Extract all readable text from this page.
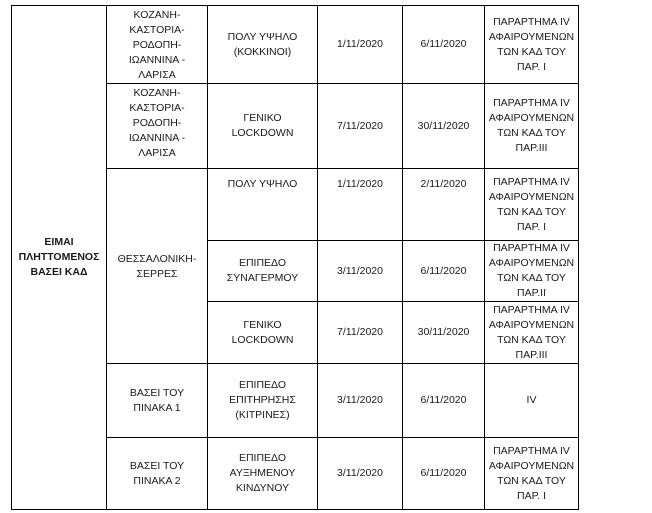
ΕΙΜΑΙ
ΠΛΗΤΤΟΜΕΝΟΣ
ΒΑΣΕΙ ΚΑΔ	ΚΟΖΑΝΗ-
ΚΑΣΤΟΡΙΑ-
ΡΟΔΟΠΗ-
ΙΩΑΝΝΙΝΑ -
ΛΑΡΙΣΑ	ΠΟΛΥ ΥΨΗΛΟ
(ΚΟΚΚΙΝΟΙ)	1/11/2020	6/11/2020	ΠΑΡΑΡΤΗΜΑ IV
ΑΦΑΙΡΟΥΜΕΝΩΝ
ΤΩΝ ΚΑΔ ΤΟΥ
ΠΑΡ. Ι

	ΚΟΖΑΝΗ-
ΚΑΣΤΟΡΙΑ-
ΡΟΔΟΠΗ-
ΙΩΑΝΝΙΝΑ -
ΛΑΡΙΣΑ	ΓΕΝΙΚΟ
LOCKDOWN	7/11/2020	30/11/2020	ΠΑΡΑΡΤΗΜΑ IV
ΑΦΑΙΡΟΥΜΕΝΩΝ
ΤΩΝ ΚΑΔ ΤΟΥ
ΠΑΡ.ΙΙΙ

	ΘΕΣΣΑΛΟΝΙΚΗ-
ΣΕΡΡΕΣ	ΠΟΛΥ ΥΨΗΛΟ	1/11/2020	2/11/2020	ΠΑΡΑΡΤΗΜΑ IV
ΑΦΑΙΡΟΥΜΕΝΩΝ
ΤΩΝ ΚΑΔ ΤΟΥ
ΠΑΡ. Ι

		ΕΠΙΠΕΔΟ
ΣΥΝΑΓΕΡΜΟΥ	3/11/2020	6/11/2020	ΠΑΡΑΡΤΗΜΑ IV
ΑΦΑΙΡΟΥΜΕΝΩΝ
ΤΩΝ ΚΑΔ ΤΟΥ
ΠΑΡ.ΙΙ

		ΓΕΝΙΚΟ
LOCKDOWN	7/11/2020	30/11/2020	ΠΑΡΑΡΤΗΜΑ IV
ΑΦΑΙΡΟΥΜΕΝΩΝ
ΤΩΝ ΚΑΔ ΤΟΥ
ΠΑΡ.ΙΙΙ

	ΒΑΣΕΙ ΤΟΥ
ΠΙΝΑΚΑ 1	ΕΠΙΠΕΔΟ
ΕΠΙΤΗΡΗΣΗΣ
(ΚΙΤΡΙΝΕΣ)	3/11/2020	6/11/2020	IV

	ΒΑΣΕΙ ΤΟΥ
ΠΙΝΑΚΑ 2	ΕΠΙΠΕΔΟ
ΑΥΞΗΜΕΝΟΥ
ΚΙΝΔΥΝΟΥ	3/11/2020	6/11/2020	ΠΑΡΑΡΤΗΜΑ IV
ΑΦΑΙΡΟΥΜΕΝΩΝ
ΤΩΝ ΚΑΔ ΤΟΥ
ΠΑΡ. Ι
